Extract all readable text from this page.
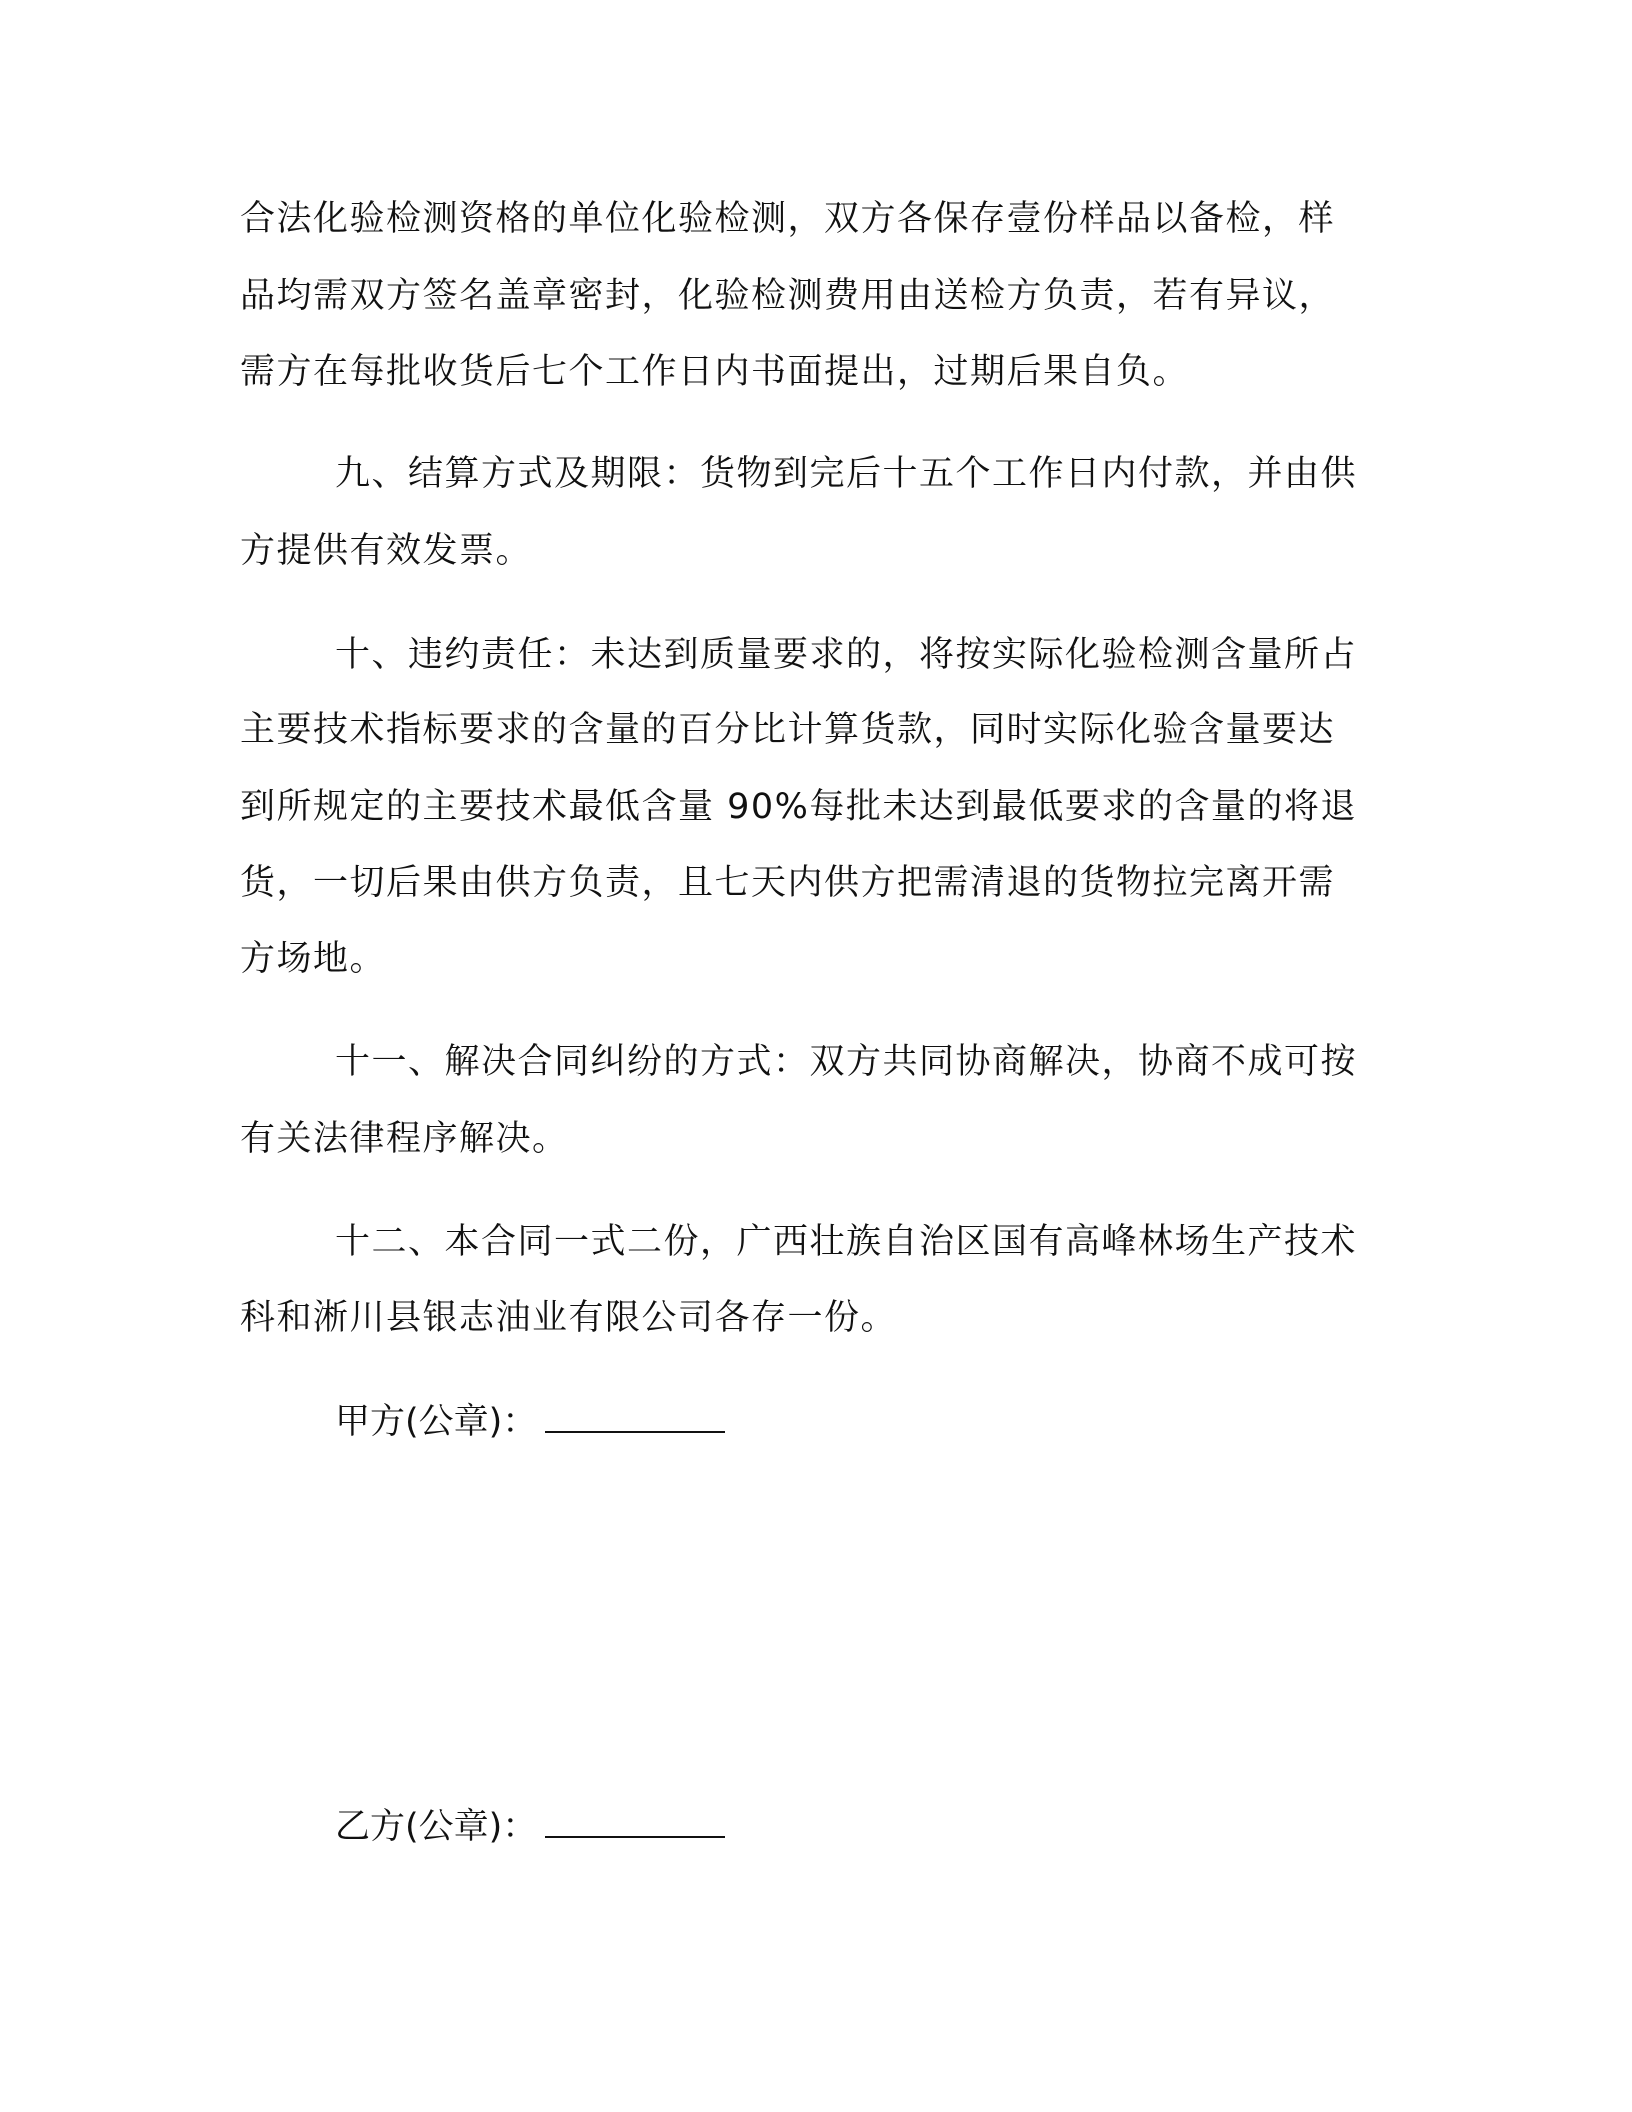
合法化验检测资格的单位化验检测，双方各保存壹份样品以备检，样
品均需双方签名盖章密封，化验检测费用由送检方负责，若有异议，
需方在每批收货后七个工作日内书面提出，过期后果自负。
九、结算方式及期限：货物到完后十五个工作日内付款，并由供
方提供有效发票。
十、违约责任：未达到质量要求的，将按实际化验检测含量所占
主要技术指标要求的含量的百分比计算货款，同时实际化验含量要达
到所规定的主要技术最低含量 90%每批未达到最低要求的含量的将退
货，一切后果由供方负责，且七天内供方把需清退的货物拉完离开需
方场地。
十一、解决合同纠纷的方式：双方共同协商解决，协商不成可按
有关法律程序解决。
十二、本合同一式二份，广西壮族自治区国有高峰林场生产技术
科和淅川县银志油业有限公司各存一份。
甲方(公章)：
乙方(公章)：
